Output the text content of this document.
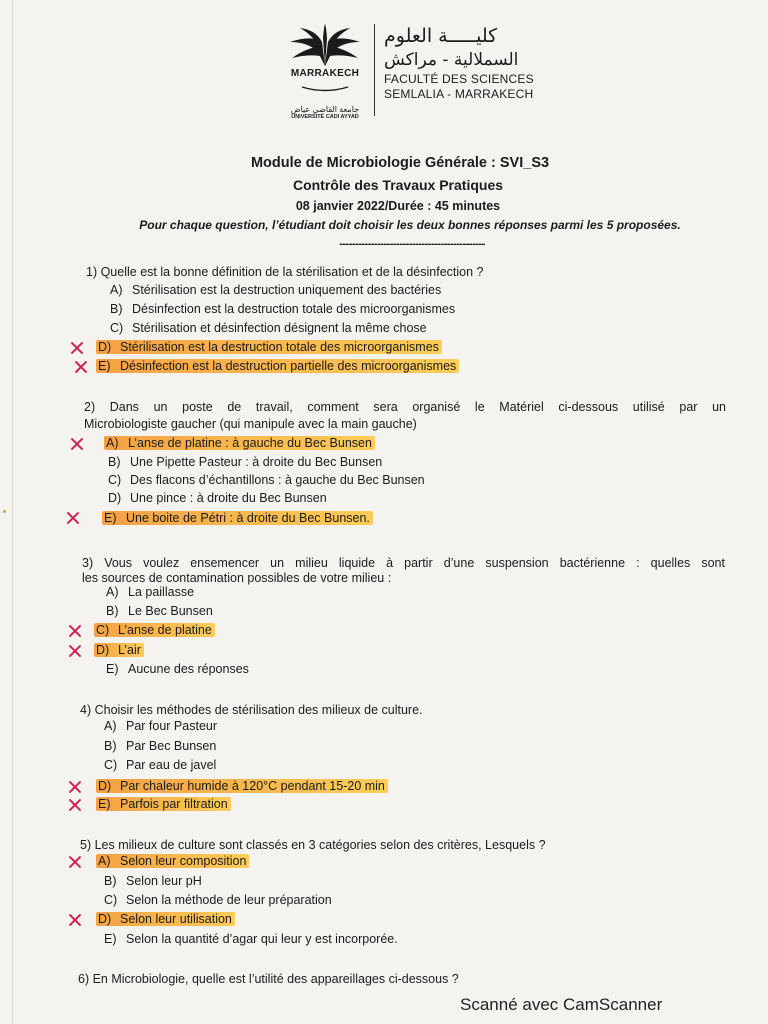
MARRAKECH
جامعة القاضي عياض
UNIVERSITÉ CADI AYYAD
كليـــــة العلوم
السملالية - مراكش
FACULTÉ DES SCIENCES
SEMLALIA - MARRAKECH
Module de Microbiologie Générale : SVI_S3
Contrôle des Travaux Pratiques
08 janvier 2022/Durée : 45 minutes
Pour chaque question, l’étudiant doit choisir les deux bonnes réponses parmi les 5 proposées.
----------------------------------------------
1) Quelle est la bonne définition de la stérilisation et de la désinfection ?
A) Stérilisation est la destruction uniquement des bactéries
B) Désinfection est la destruction totale des microorganismes
C) Stérilisation et désinfection désignent la même chose
D) Stérilisation est la destruction totale des microorganismes
E) Désinfection est la destruction partielle des microorganismes
2) Dans un poste de travail, comment sera organisé le Matériel ci-dessous utilisé par un
Microbiologiste gaucher (qui manipule avec la main gauche)
A) L’anse de platine : à gauche du Bec Bunsen
B) Une Pipette Pasteur : à droite du Bec Bunsen
C) Des flacons d’échantillons : à gauche du Bec Bunsen
D) Une pince : à droite du Bec Bunsen
E) Une boite de Pétri : à droite du Bec Bunsen.
3) Vous voulez ensemencer un milieu liquide à partir d’une suspension bactérienne : quelles sont
les sources de contamination possibles de votre milieu :
A) La paillasse
B) Le Bec Bunsen
C) L’anse de platine
D) L’air
E) Aucune des réponses
4) Choisir les méthodes de stérilisation des milieux de culture.
A) Par four Pasteur
B) Par Bec Bunsen
C) Par eau de javel
D) Par chaleur humide à 120°C pendant 15-20 min
E) Parfois par filtration
5) Les milieux de culture sont classés en 3 catégories selon des critères, Lesquels ?
A) Selon leur composition
B) Selon leur pH
C) Selon la méthode de leur préparation
D) Selon leur utilisation
E) Selon la quantité d’agar qui leur y est incorporée.
6) En Microbiologie, quelle est l’utilité des appareillages ci-dessous ?
Scanné avec CamScanner
